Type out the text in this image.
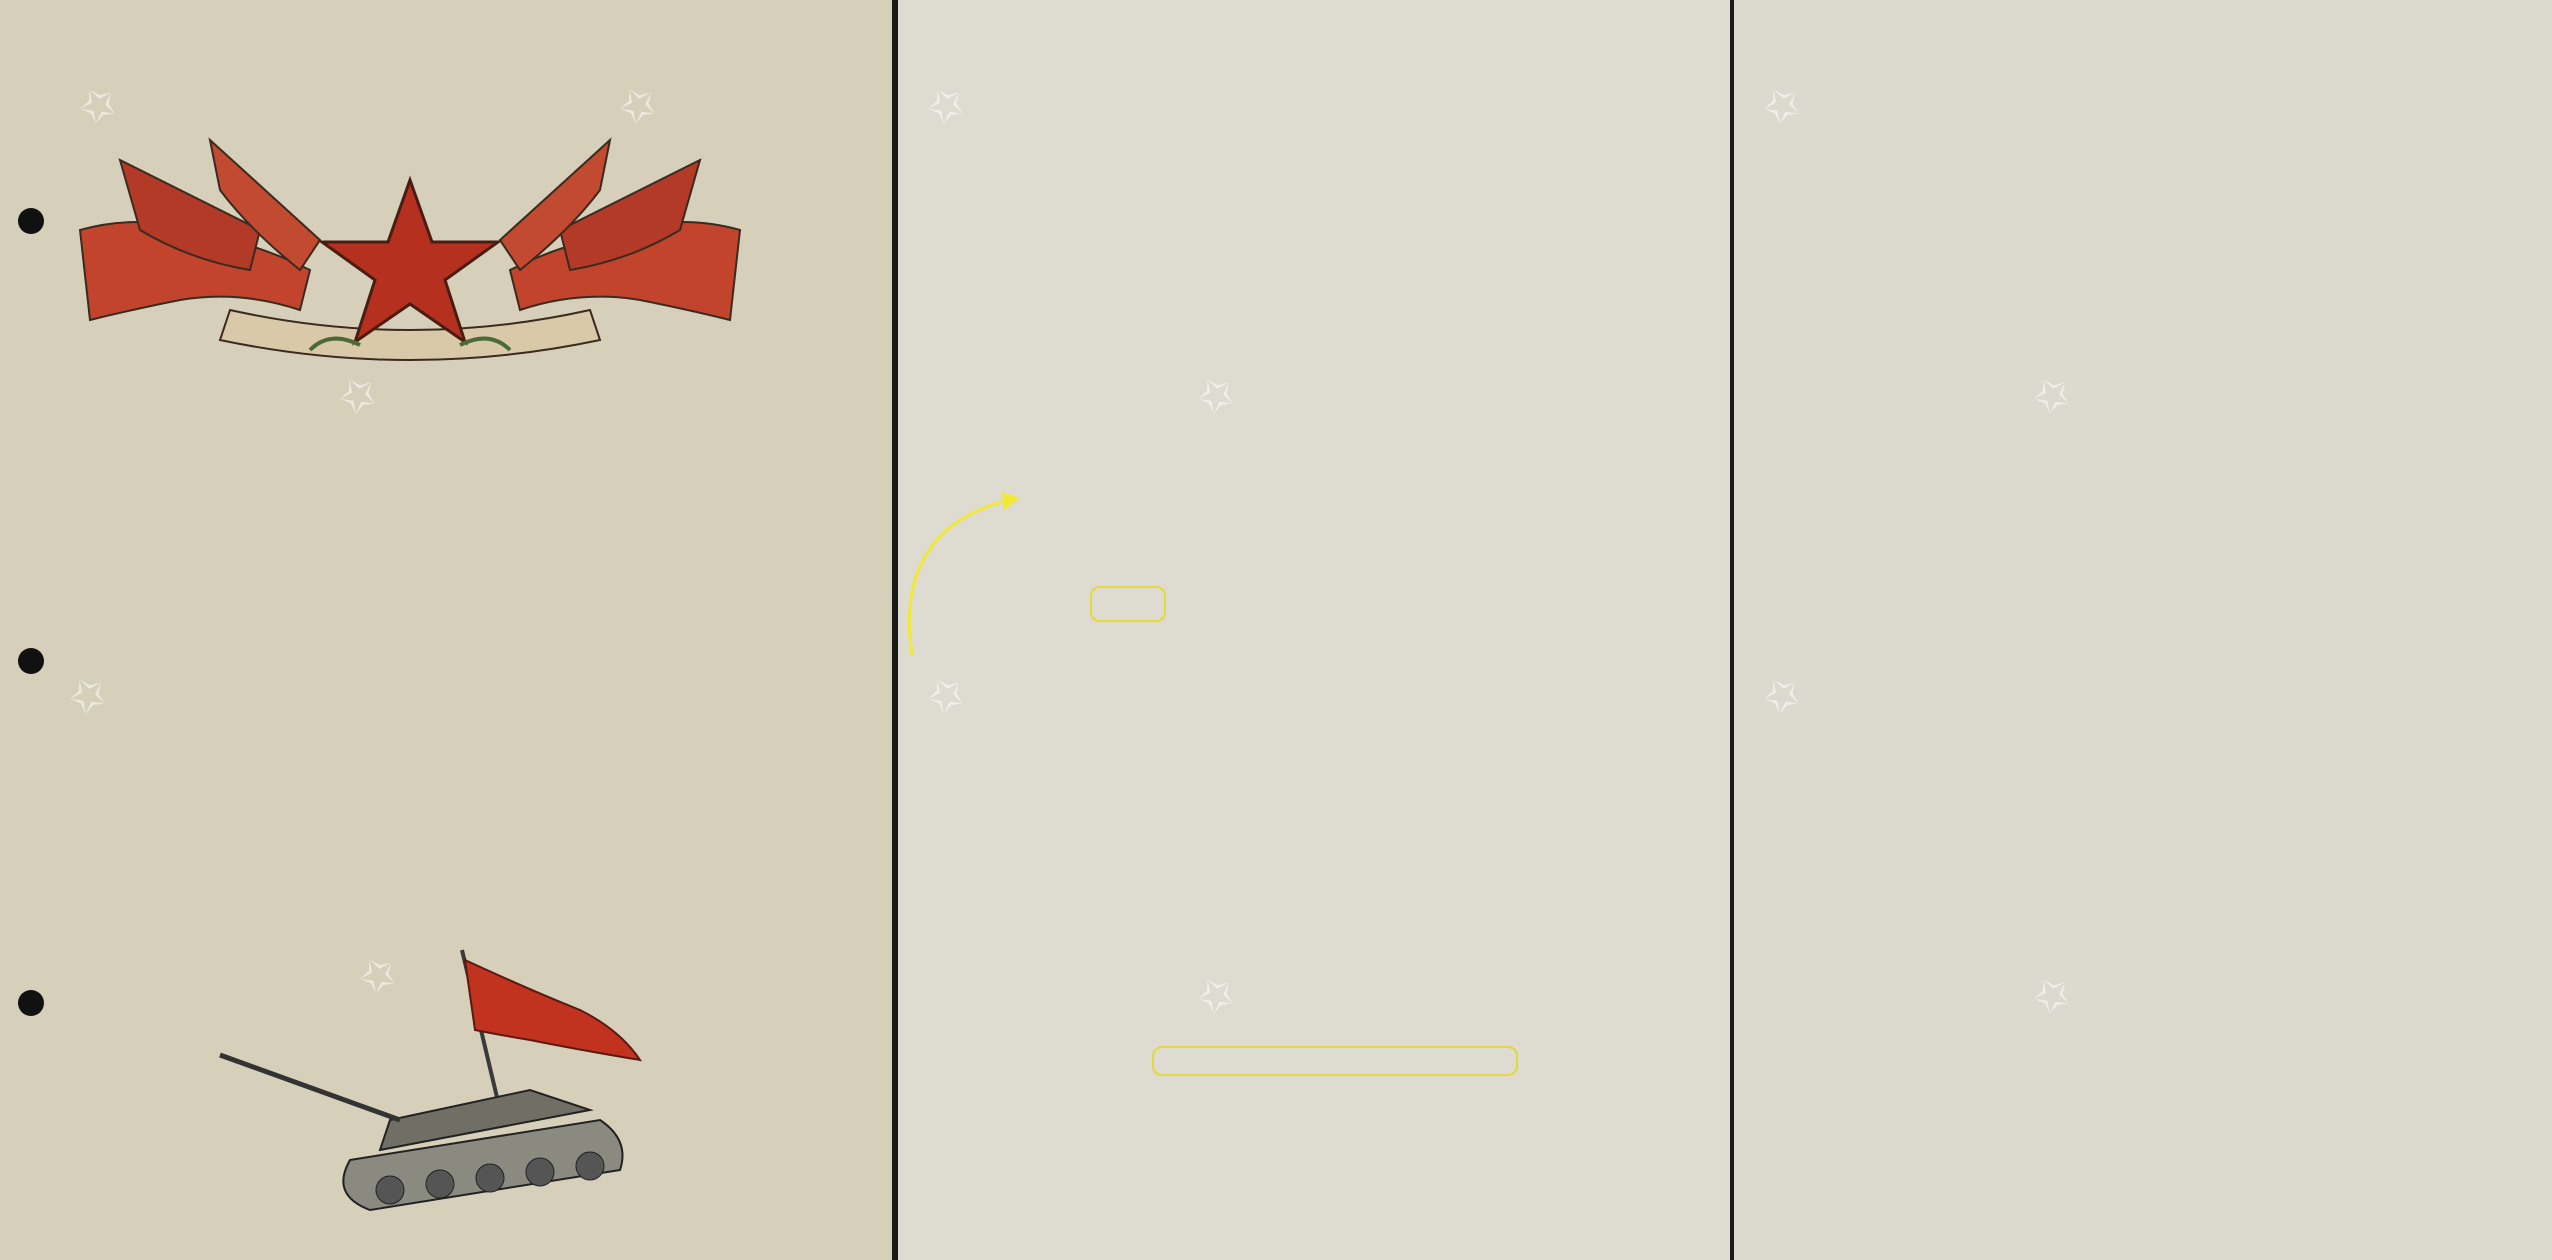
✩
✩
✩
✩
✩	✩
✩
✩
✩
✩
✩
✩
✩
